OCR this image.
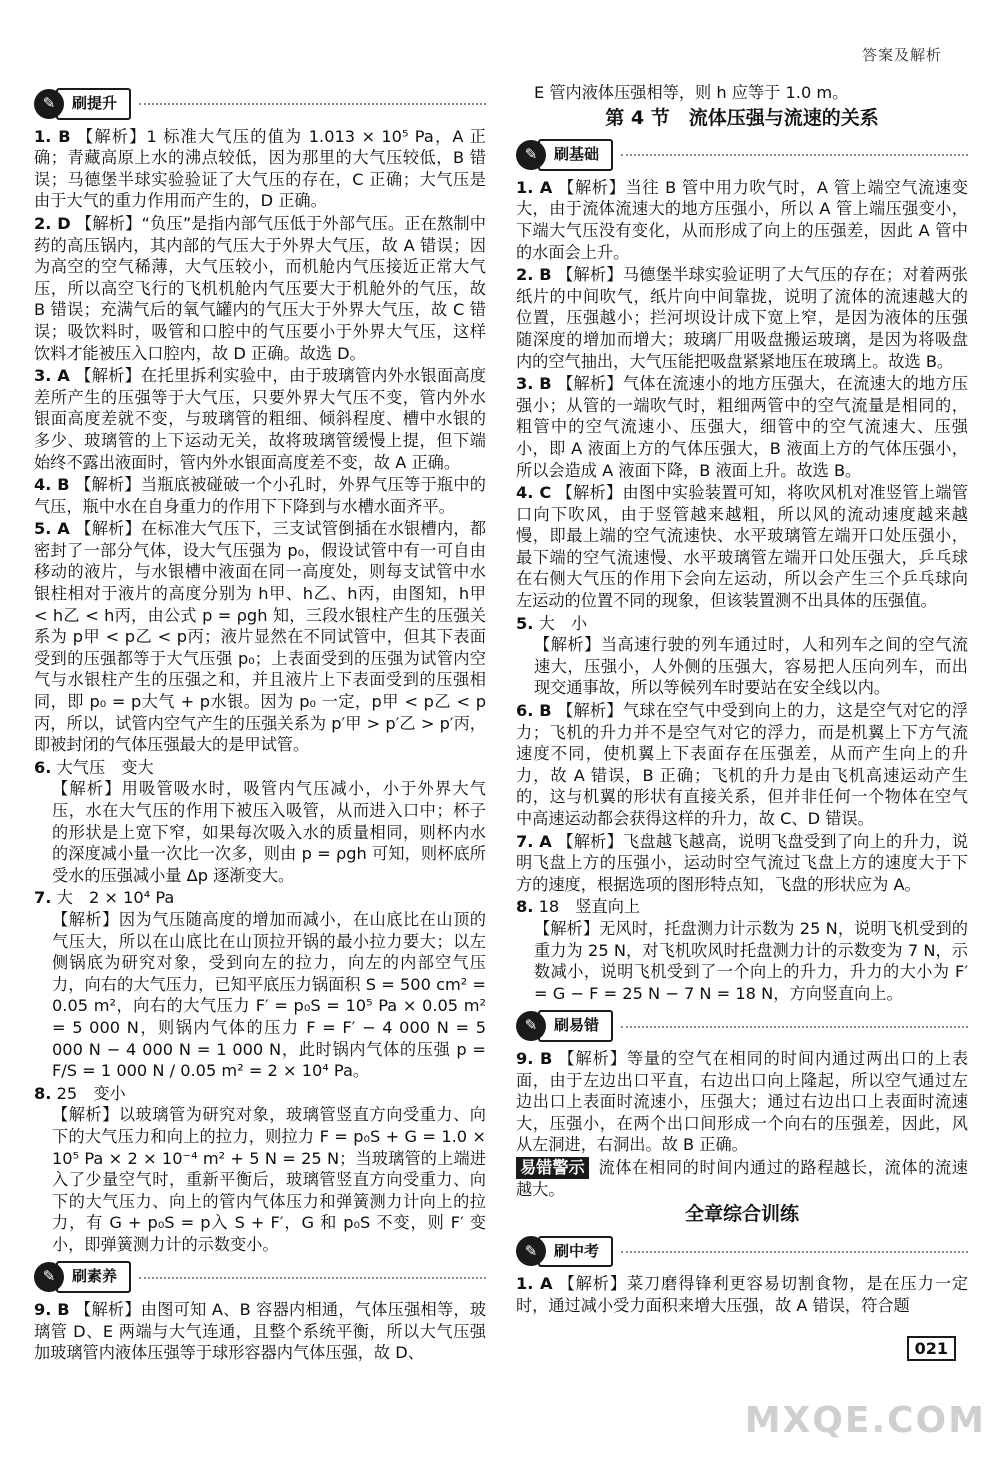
答案及解析
✎	刷提升
1. B 【解析】1 标准大气压的值为 1.013 × 10⁵ Pa，A 正确；青藏高原上水的沸点较低，因为那里的大气压较低，B 错误；马德堡半球实验验证了大气压的存在，C 正确；大气压是由于大气的重力作用而产生的，D 正确。
2. D 【解析】“负压”是指内部气压低于外部气压。正在熬制中药的高压锅内，其内部的气压大于外界大气压，故 A 错误；因为高空的空气稀薄，大气压较小，而机舱内气压接近正常大气压，所以高空飞行的飞机机舱内气压要大于机舱外的气压，故 B 错误；充满气后的氧气罐内的气压大于外界大气压，故 C 错误；吸饮料时，吸管和口腔中的气压要小于外界大气压，这样饮料才能被压入口腔内，故 D 正确。故选 D。
3. A 【解析】在托里拆利实验中，由于玻璃管内外水银面高度差所产生的压强等于大气压，只要外界大气压不变，管内外水银面高度差就不变，与玻璃管的粗细、倾斜程度、槽中水银的多少、玻璃管的上下运动无关，故将玻璃管缓慢上提，但下端始终不露出液面时，管内外水银面高度差不变，故 A 正确。
4. B 【解析】当瓶底被碰破一个小孔时，外界气压等于瓶中的气压，瓶中水在自身重力的作用下下降到与水槽水面齐平。
5. A 【解析】在标准大气压下，三支试管倒插在水银槽内，都密封了一部分气体，设大气压强为 p₀，假设试管中有一可自由移动的液片，与水银槽中液面在同一高度处，则每支试管中水银柱相对于液片的高度分别为 h甲、h乙、h丙，由图知，h甲 < h乙 < h丙，由公式 p = ρgh 知，三段水银柱产生的压强关系为 p甲 < p乙 < p丙；液片显然在不同试管中，但其下表面受到的压强都等于大气压强 p₀；上表面受到的压强为试管内空气与水银柱产生的压强之和，并且液片上下表面受到的压强相同，即 p₀ = p大气 + p水银。因为 p₀ 一定，p甲 < p乙 < p丙，所以，试管内空气产生的压强关系为 p′甲 > p′乙 > p′丙，即被封闭的气体压强最大的是甲试管。

6. 大气压　变大

【解析】用吸管吸水时，吸管内气压减小，小于外界大气压，水在大气压的作用下被压入吸管，从而进入口中；杯子的形状是上宽下窄，如果每次吸入水的质量相同，则杯内水的深度减小量一次比一次多，则由 p = ρgh 可知，则杯底所受水的压强减小量 Δp 逐渐变大。

7. 大　2 × 10⁴ Pa

【解析】因为气压随高度的增加而减小，在山底比在山顶的气压大，所以在山底比在山顶拉开锅的最小拉力要大；以左侧锅底为研究对象，受到向左的拉力，向左的内部空气压力，向右的大气压力，已知平底压力锅面积 S = 500 cm² = 0.05 m²，向右的大气压力 F′ = p₀S = 10⁵ Pa × 0.05 m² = 5 000 N，则锅内气体的压力 F = F′ − 4 000 N = 5 000 N − 4 000 N = 1 000 N，此时锅内气体的压强 p = F/S = 1 000 N / 0.05 m² = 2 × 10⁴ Pa。

8. 25　变小

【解析】以玻璃管为研究对象，玻璃管竖直方向受重力、向下的大气压力和向上的拉力，则拉力 F = p₀S + G = 1.0 × 10⁵ Pa × 2 × 10⁻⁴ m² + 5 N = 25 N；当玻璃管的上端进入了少量空气时，重新平衡后，玻璃管竖直方向受重力、向下的大气压力、向上的管内气体压力和弹簧测力计向上的拉力，有 G + p₀S = p入 S + F′，G 和 p₀S 不变，则 F′ 变小，即弹簧测力计的示数变小。

✎	刷素养
9. B 【解析】由图可知 A、B 容器内相通，气体压强相等，玻璃管 D、E 两端与大气连通，且整个系统平衡，所以大气压强加玻璃管内液体压强等于球形容器内气体压强，故 D、
E 管内液体压强相等，则 h 应等于 1.0 m。
第 4 节　流体压强与流速的关系
✎	刷基础
1. A 【解析】当往 B 管中用力吹气时，A 管上端空气流速变大，由于流体流速大的地方压强小，所以 A 管上端压强变小，下端大气压没有变化，从而形成了向上的压强差，因此 A 管中的水面会上升。
2. B 【解析】马德堡半球实验证明了大气压的存在；对着两张纸片的中间吹气，纸片向中间靠拢，说明了流体的流速越大的位置，压强越小；拦河坝设计成下宽上窄，是因为液体的压强随深度的增加而增大；玻璃厂用吸盘搬运玻璃，是因为将吸盘内的空气抽出，大气压能把吸盘紧紧地压在玻璃上。故选 B。
3. B 【解析】气体在流速小的地方压强大，在流速大的地方压强小；从管的一端吹气时，粗细两管中的空气流量是相同的，粗管中的空气流速小、压强大，细管中的空气流速大、压强小，即 A 液面上方的气体压强大，B 液面上方的气体压强小，所以会造成 A 液面下降，B 液面上升。故选 B。
4. C 【解析】由图中实验装置可知，将吹风机对准竖管上端管口向下吹风，由于竖管越来越粗，所以风的流动速度越来越慢，即最上端的空气流速快、水平玻璃管左端开口处压强小，最下端的空气流速慢、水平玻璃管左端开口处压强大，乒乓球在右侧大气压的作用下会向左运动，所以会产生三个乒乓球向左运动的位置不同的现象，但该装置测不出具体的压强值。

5. 大　小

【解析】当高速行驶的列车通过时，人和列车之间的空气流速大，压强小，人外侧的压强大，容易把人压向列车，而出现交通事故，所以等候列车时要站在安全线以内。

6. B 【解析】气球在空气中受到向上的力，这是空气对它的浮力；飞机的升力并不是空气对它的浮力，而是机翼上下方气流速度不同，使机翼上下表面存在压强差，从而产生向上的升力，故 A 错误，B 正确；飞机的升力是由飞机高速运动产生的，这与机翼的形状有直接关系，但并非任何一个物体在空气中高速运动都会获得这样的升力，故 C、D 错误。
7. A 【解析】飞盘越飞越高，说明飞盘受到了向上的升力，说明飞盘上方的压强小，运动时空气流过飞盘上方的速度大于下方的速度，根据选项的图形特点知，飞盘的形状应为 A。

8. 18　竖直向上

【解析】无风时，托盘测力计示数为 25 N，说明飞机受到的重力为 25 N，对飞机吹风时托盘测力计的示数变为 7 N，示数减小，说明飞机受到了一个向上的升力，升力的大小为 F′ = G − F = 25 N − 7 N = 18 N，方向竖直向上。

✎	刷易错
9. B 【解析】等量的空气在相同的时间内通过两出口的上表面，由于左边出口平直，右边出口向上隆起，所以空气通过左边出口上表面时流速小，压强大；通过右边出口上表面时流速大，压强小，在两个出口间形成一个向右的压强差，因此，风从左洞进，右洞出。故 B 正确。
易错警示 流体在相同的时间内通过的路程越长，流体的流速越大。
全章综合训练
✎	刷中考
1. A 【解析】菜刀磨得锋利更容易切割食物，是在压力一定时，通过减小受力面积来增大压强，故 A 错误，符合题
021
MXQE.COM
